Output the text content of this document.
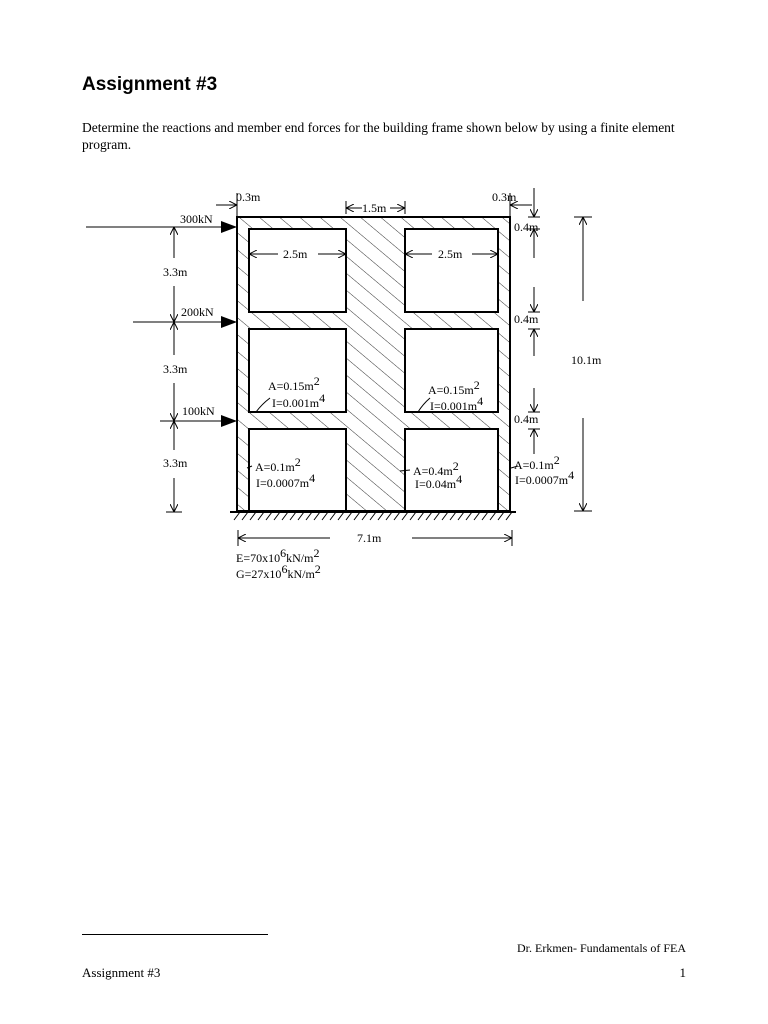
Assignment #3
Determine the reactions and member end forces for the building frame shown below by using a finite element program.
300kN
200kN
100kN
0.3m
1.5m
0.3m
2.5m	2.5m
3.3m
3.3m
3.3m
0.4m
0.4m
0.4m
10.1m
7.1m
A=0.15m2
I=0.001m4
A=0.15m2
I=0.001m4
A=0.1m2
I=0.0007m4	A=0.4m2
I=0.04m4
A=0.1m2
I=0.0007m4
E=70x106kN/m2
G=27x106kN/m2
Dr. Erkmen- Fundamentals of FEA
Assignment #3	1
